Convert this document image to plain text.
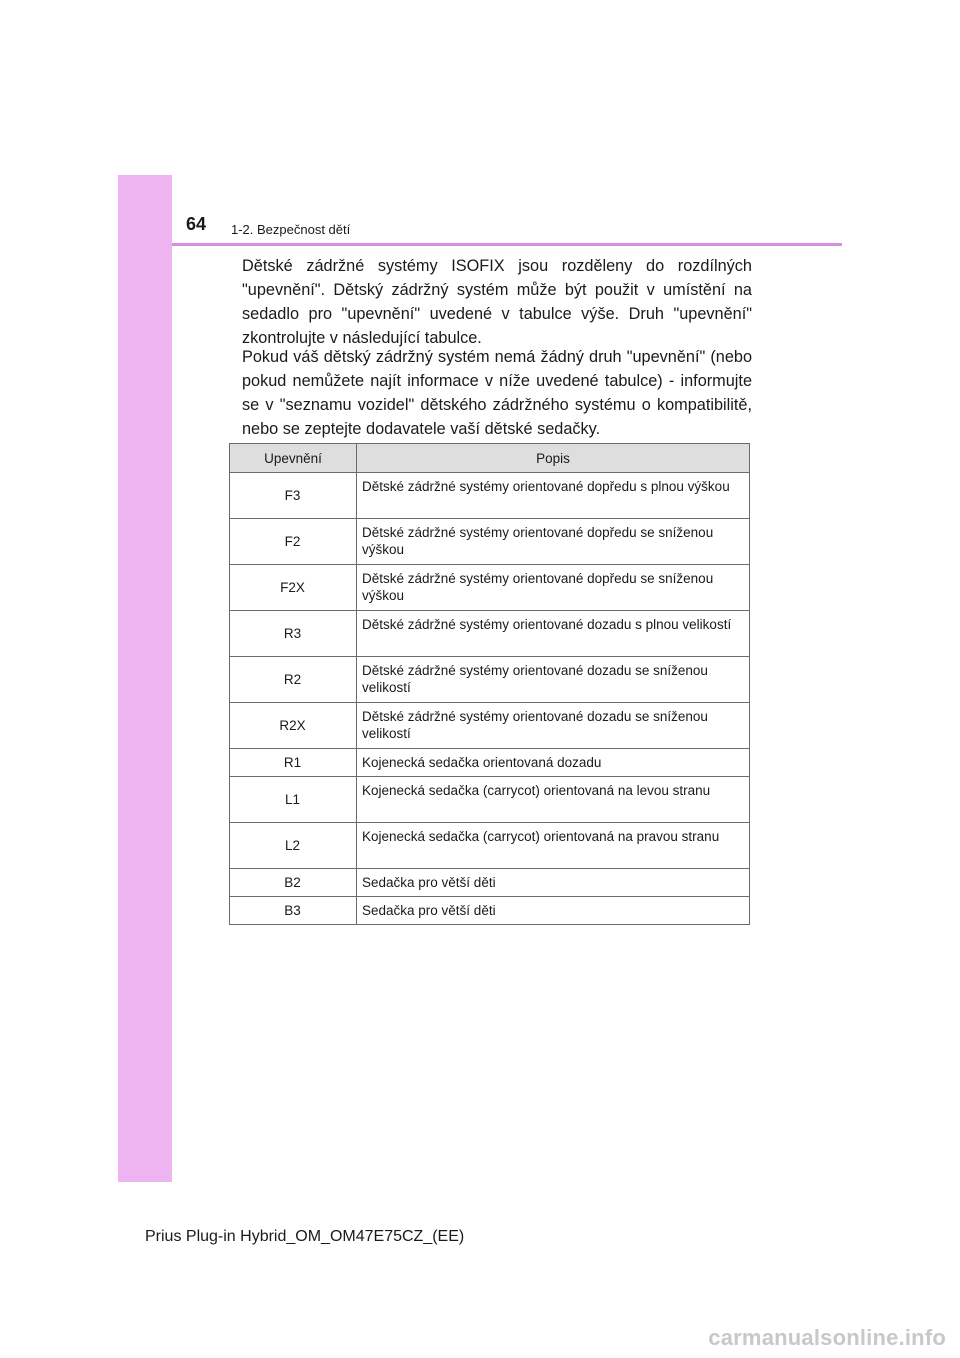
64 1-2. Bezpečnost dětí

Dětské zádržné systémy ISOFIX jsou rozděleny do rozdílných "upevnění". Dětský zádržný systém může být použit v umístění na sedadlo pro "upevnění" uvedené v tabulce výše. Druh "upevnění" zkontrolujte v následující tabulce.

Pokud váš dětský zádržný systém nemá žádný druh "upevnění" (nebo pokud nemůžete najít informace v níže uvedené tabulce) - informujte se v "seznamu vozidel" dětského zádržného systému o kompatibilitě, nebo se zeptejte dodavatele vaší dětské sedačky.

Upevnění	Popis
F3	Dětské zádržné systémy orientované dopředu s plnou výškou
F2	Dětské zádržné systémy orientované dopředu se sníženou výškou
F2X	Dětské zádržné systémy orientované dopředu se sníženou výškou
R3	Dětské zádržné systémy orientované dozadu s plnou velikostí
R2	Dětské zádržné systémy orientované dozadu se sníženou velikostí
R2X	Dětské zádržné systémy orientované dozadu se sníženou velikostí
R1	Kojenecká sedačka orientovaná dozadu
L1	Kojenecká sedačka (carrycot) orientovaná na levou stranu
L2	Kojenecká sedačka (carrycot) orientovaná na pravou stranu
B2	Sedačka pro větší děti
B3	Sedačka pro větší děti
Prius Plug-in Hybrid_OM_OM47E75CZ_(EE)
carmanualsonline.info
